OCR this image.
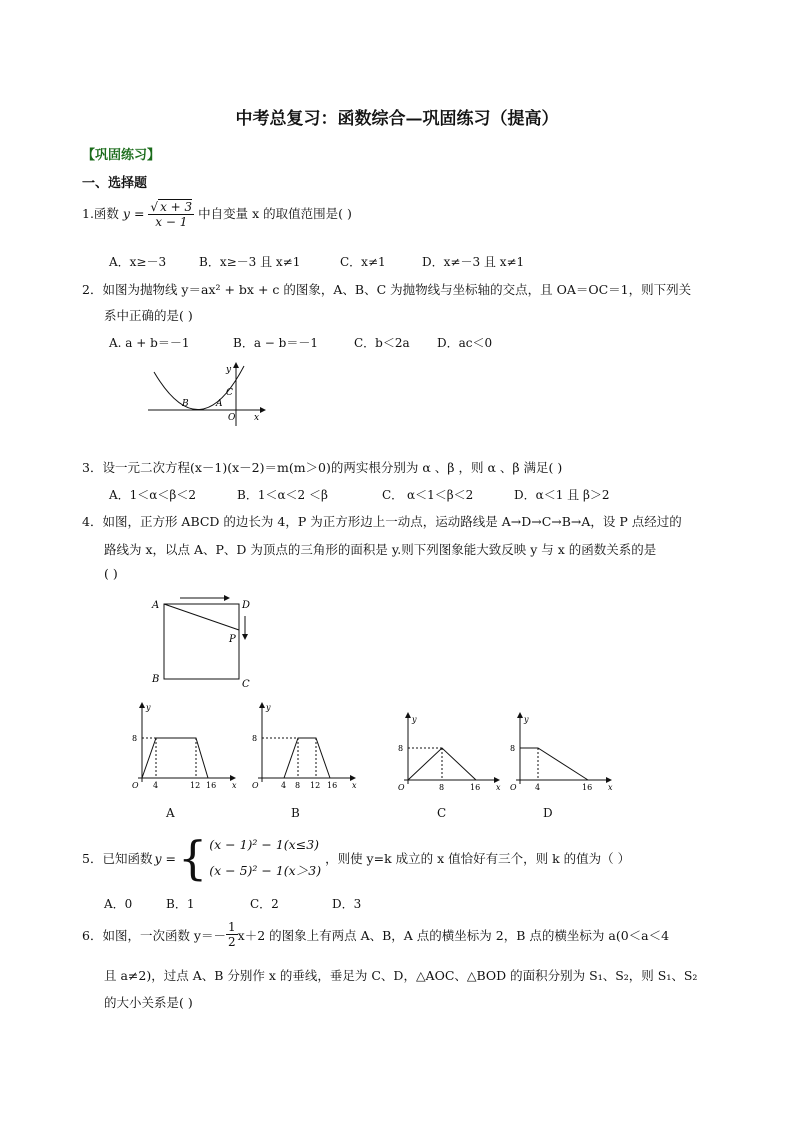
中考总复习：函数综合—巩固练习（提高）
【巩固练习】
一、选择题
1.函数 $y = \frac{√ x + 3}{x - 1}$ 中自变量 x 的取值范围是( )
A．x≥－3	B．x≥－3 且 x≠1	C．x≠1	D．x≠－3 且 x≠1
2．如图为抛物线 y＝ax² + bx + c 的图象，A、B、C 为抛物线与坐标轴的交点，且 OA＝OC＝1，则下列关
系中正确的是( )
A. a + b＝－1	B．a − b＝－1	C．b＜2a D．ac＜0
y
x
B	A
C
O
3．设一元二次方程(x－1)(x－2)＝m(m＞0)的两实根分别为 α 、β ，则 α 、β 满足( )
A．1＜α＜β＜2	B．1＜α＜2 ＜β	C． α＜1＜β＜2	D．α＜1 且 β＞2
4．如图，正方形 ABCD 的边长为 4，P 为正方形边上一动点，运动路线是 A→D→C→B→A，设 P 点经过的
路线为 x，以点 A、P、D 为顶点的三角形的面积是 y.则下列图象能大致反映 y 与 x 的函数关系的是
( )
A	D
P
B	C
y
x
O
8
4	12 16
A
y
x
O
8
4 8 12 16
B
y
x
O
8
8	16
C
y
x
O
8
4	16
D
5．已知函数 y = { (x − 1)² − 1(x≤3)
(x − 5)² − 1(x＞3)
，则使 y=k 成立的 x 值恰好有三个，则 k 的值为（ ）
A．0	B．1	C．2	D．3
6．如图，一次函数 $y=- \frac{1}{2} x+2$ 的图象上有两点 A、B，A 点的横坐标为 2，B 点的横坐标为 a(0＜a＜4
且 a≠2)，过点 A、B 分别作 x 的垂线，垂足为 C、D，△AOC、△BOD 的面积分别为 S₁、S₂，则 S₁、S₂
的大小关系是( )
